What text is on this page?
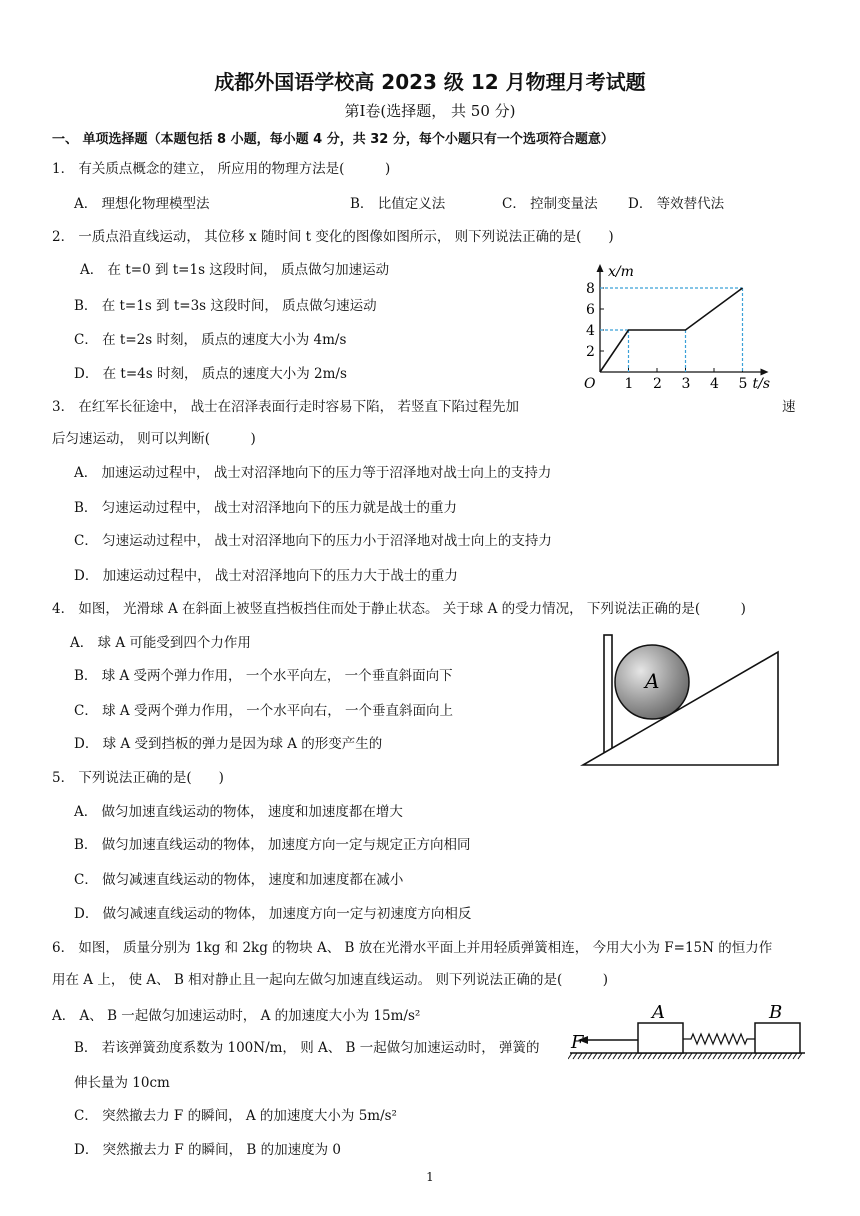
成都外国语学校高 2023 级 12 月物理月考试题
第Ⅰ卷(选择题， 共 50 分)
一、 单项选择题（本题包括 8 小题，每小题 4 分，共 32 分，每个小题只有一个选项符合题意）
1． 有关质点概念的建立， 所应用的物理方法是(　　　)
A． 理想化物理模型法	B． 比值定义法	C． 控制变量法 D． 等效替代法
2． 一质点沿直线运动， 其位移 x 随时间 t 变化的图像如图所示， 则下列说法正确的是(　　)
A． 在 t=0 到 t=1s 这段时间， 质点做匀加速运动
B． 在 t=1s 到 t=3s 这段时间， 质点做匀速运动
C． 在 t=2s 时刻， 质点的速度大小为 4m/s
D． 在 t=4s 时刻， 质点的速度大小为 2m/s
x/m
t/s
O
2
4
6
8
1 2 3 4 5
3． 在红军长征途中， 战士在沼泽表面行走时容易下陷， 若竖直下陷过程先加	速
后匀速运动， 则可以判断(　　　)
A． 加速运动过程中， 战士对沼泽地向下的压力等于沼泽地对战士向上的支持力
B． 匀速运动过程中， 战士对沼泽地向下的压力就是战士的重力
C． 匀速运动过程中， 战士对沼泽地向下的压力小于沼泽地对战士向上的支持力
D． 加速运动过程中， 战士对沼泽地向下的压力大于战士的重力
4． 如图， 光滑球 A 在斜面上被竖直挡板挡住而处于静止状态。 关于球 A 的受力情况， 下列说法正确的是(　　　)
A． 球 A 可能受到四个力作用
B． 球 A 受两个弹力作用， 一个水平向左， 一个垂直斜面向下
C． 球 A 受两个弹力作用， 一个水平向右， 一个垂直斜面向上
D． 球 A 受到挡板的弹力是因为球 A 的形变产生的
A
5． 下列说法正确的是(　　)
A． 做匀加速直线运动的物体， 速度和加速度都在增大
B． 做匀加速直线运动的物体， 加速度方向一定与规定正方向相同
C． 做匀减速直线运动的物体， 速度和加速度都在减小
D． 做匀减速直线运动的物体， 加速度方向一定与初速度方向相反
6． 如图， 质量分别为 1kg 和 2kg 的物块 A、 B 放在光滑水平面上并用轻质弹簧相连， 今用大小为 F=15N 的恒力作
用在 A 上， 使 A、 B 相对静止且一起向左做匀加速直线运动。 则下列说法正确的是(　　　)
A． A、 B 一起做匀加速运动时， A 的加速度大小为 15m/s²
B． 若该弹簧劲度系数为 100N/m， 则 A、 B 一起做匀加速运动时， 弹簧的
伸长量为 10cm
C． 突然撤去力 F 的瞬间， A 的加速度大小为 5m/s²
D． 突然撤去力 F 的瞬间， B 的加速度为 0
F
A	B
1
